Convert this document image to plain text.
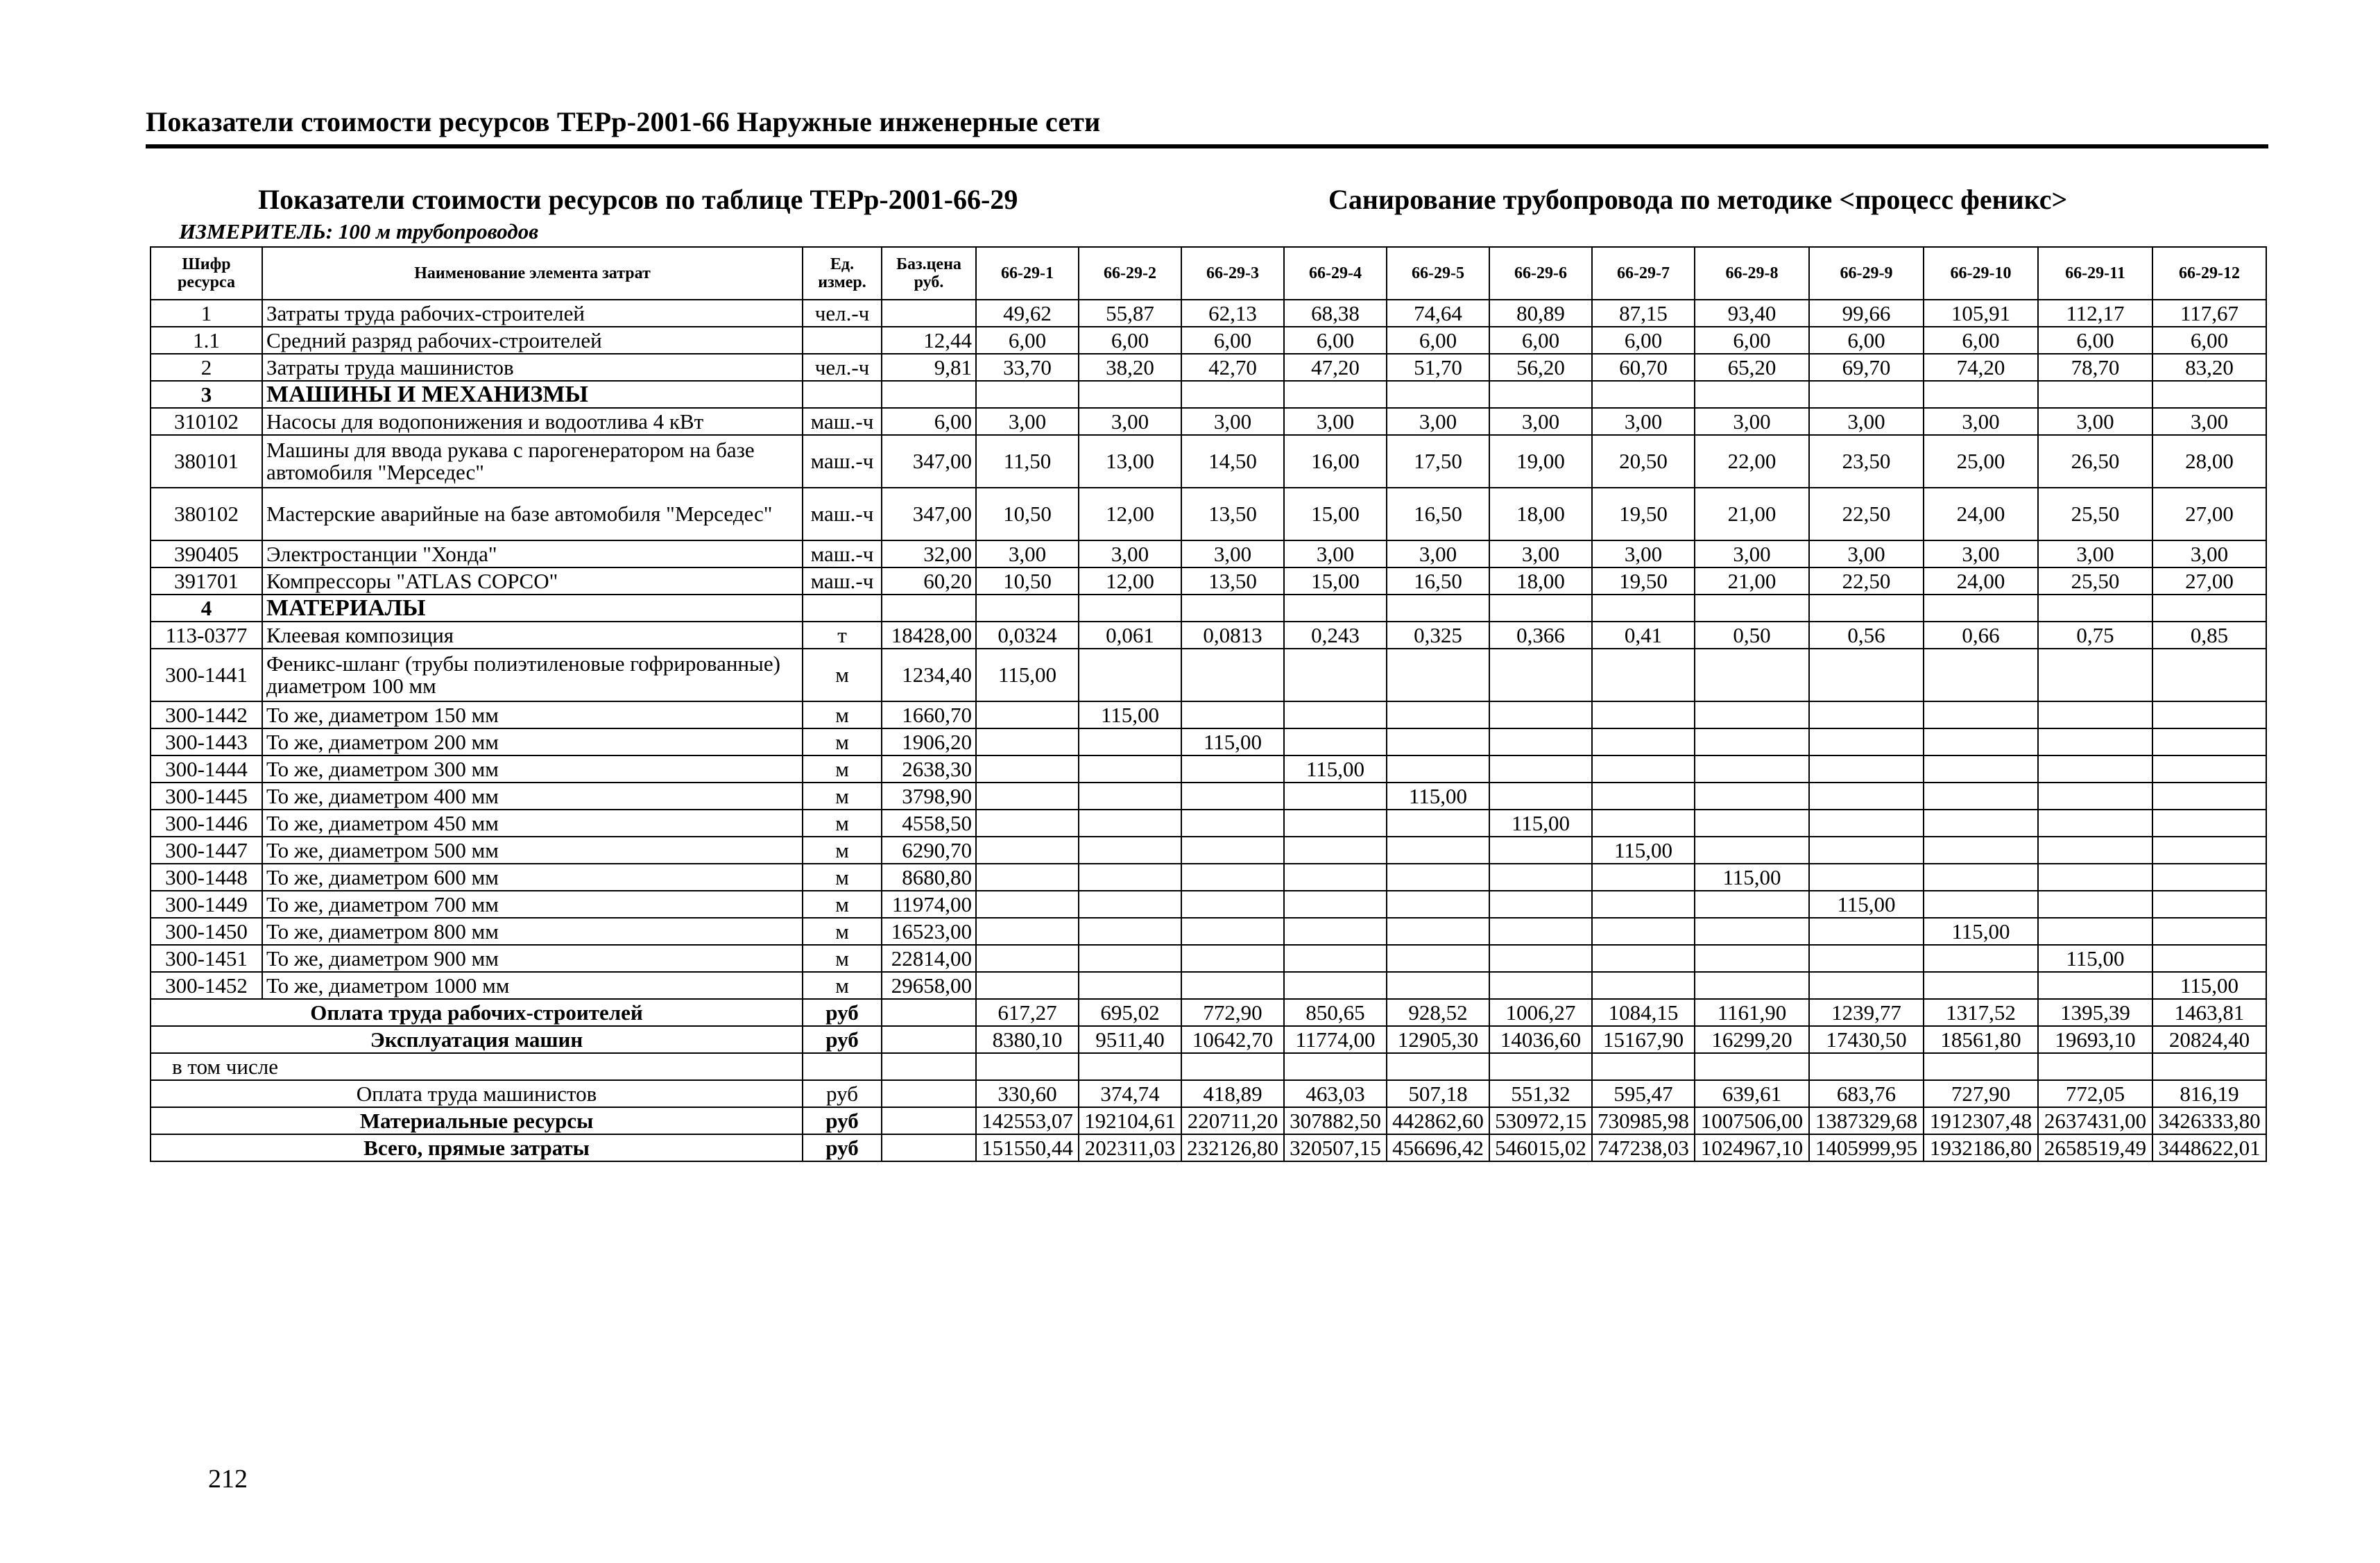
Показатели стоимости ресурсов ТЕРр-2001-66 Наружные инженерные сети
Показатели стоимости ресурсов по таблице ТЕРр-2001-66-29	Санирование трубопровода по методике <процесс феникс>
ИЗМЕРИТЕЛЬ: 100 м трубопроводов
Шифр ресурса	Наименование элемента затрат	Ед. измер.	Баз.цена руб.	66-29-1	66-29-2	66-29-3	66-29-4	66-29-5	66-29-6	66-29-7	66-29-8	66-29-9	66-29-10	66-29-11	66-29-12
1	Затраты труда рабочих-строителей	чел.-ч		49,62	55,87	62,13	68,38	74,64	80,89	87,15	93,40	99,66	105,91	112,17	117,67
1.1	Средний разряд рабочих-строителей		12,44	6,00	6,00	6,00	6,00	6,00	6,00	6,00	6,00	6,00	6,00	6,00	6,00
2	Затраты труда машинистов	чел.-ч	9,81	33,70	38,20	42,70	47,20	51,70	56,20	60,70	65,20	69,70	74,20	78,70	83,20
3	МАШИНЫ И МЕХАНИЗМЫ														
310102	Насосы для водопонижения и водоотлива 4 кВт	маш.-ч	6,00	3,00	3,00	3,00	3,00	3,00	3,00	3,00	3,00	3,00	3,00	3,00	3,00
380101	Машины для ввода рукава с парогенератором на базе автомобиля "Мерседес"	маш.-ч	347,00	11,50	13,00	14,50	16,00	17,50	19,00	20,50	22,00	23,50	25,00	26,50	28,00
380102	Мастерские аварийные на базе автомобиля "Мерседес"	маш.-ч	347,00	10,50	12,00	13,50	15,00	16,50	18,00	19,50	21,00	22,50	24,00	25,50	27,00
390405	Электростанции "Хонда"	маш.-ч	32,00	3,00	3,00	3,00	3,00	3,00	3,00	3,00	3,00	3,00	3,00	3,00	3,00
391701	Компрессоры "ATLAS COPCO"	маш.-ч	60,20	10,50	12,00	13,50	15,00	16,50	18,00	19,50	21,00	22,50	24,00	25,50	27,00
4	МАТЕРИАЛЫ														
113-0377	Клеевая композиция	т	18428,00	0,0324	0,061	0,0813	0,243	0,325	0,366	0,41	0,50	0,56	0,66	0,75	0,85
300-1441	Феникс-шланг (трубы полиэтиленовые гофрированные) диаметром 100 мм	м	1234,40	115,00											
300-1442	То же, диаметром 150 мм	м	1660,70		115,00										
300-1443	То же, диаметром 200 мм	м	1906,20			115,00									
300-1444	То же, диаметром 300 мм	м	2638,30				115,00								
300-1445	То же, диаметром 400 мм	м	3798,90					115,00							
300-1446	То же, диаметром 450 мм	м	4558,50						115,00						
300-1447	То же, диаметром 500 мм	м	6290,70							115,00					
300-1448	То же, диаметром 600 мм	м	8680,80								115,00				
300-1449	То же, диаметром 700 мм	м	11974,00									115,00			
300-1450	То же, диаметром 800 мм	м	16523,00										115,00		
300-1451	То же, диаметром 900 мм	м	22814,00											115,00	
300-1452	То же, диаметром 1000 мм	м	29658,00												115,00
Оплата труда рабочих-строителей		руб		617,27	695,02	772,90	850,65	928,52	1006,27	1084,15	1161,90	1239,77	1317,52	1395,39	1463,81
Эксплуатация машин		руб		8380,10	9511,40	10642,70	11774,00	12905,30	14036,60	15167,90	16299,20	17430,50	18561,80	19693,10	20824,40
в том числе															
Оплата труда машинистов		руб		330,60	374,74	418,89	463,03	507,18	551,32	595,47	639,61	683,76	727,90	772,05	816,19
Материальные ресурсы		руб		142553,07	192104,61	220711,20	307882,50	442862,60	530972,15	730985,98	1007506,00	1387329,68	1912307,48	2637431,00	3426333,80
Всего, прямые затраты		руб		151550,44	202311,03	232126,80	320507,15	456696,42	546015,02	747238,03	1024967,10	1405999,95	1932186,80	2658519,49	3448622,01
212
